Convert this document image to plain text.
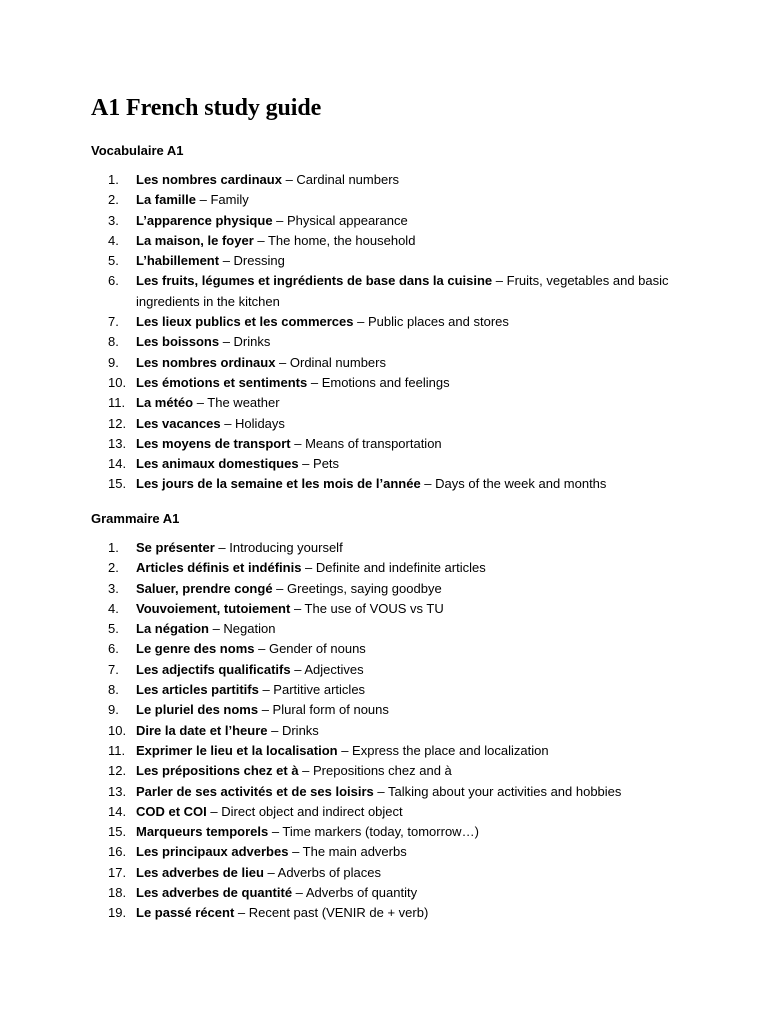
A1 French study guide
Vocabulaire A1
1.	Les nombres cardinaux – Cardinal numbers
2.	La famille – Family
3.	L’apparence physique – Physical appearance
4.	La maison, le foyer – The home, the household
5.	L’habillement – Dressing
6.	Les fruits, légumes et ingrédients de base dans la cuisine – Fruits, vegetables and basic ingredients in the kitchen
7.	Les lieux publics et les commerces – Public places and stores
8.	Les boissons – Drinks
9.	Les nombres ordinaux – Ordinal numbers
10. Les émotions et sentiments – Emotions and feelings
11. La météo – The weather
12. Les vacances – Holidays
13. Les moyens de transport – Means of transportation
14. Les animaux domestiques – Pets
15. Les jours de la semaine et les mois de l’année – Days of the week and months
Grammaire A1
1.	Se présenter – Introducing yourself
2.	Articles définis et indéfinis – Definite and indefinite articles
3.	Saluer, prendre congé – Greetings, saying goodbye
4.	Vouvoiement, tutoiement – The use of VOUS vs TU
5.	La négation – Negation
6.	Le genre des noms – Gender of nouns
7.	Les adjectifs qualificatifs – Adjectives
8.	Les articles partitifs – Partitive articles
9.	Le pluriel des noms – Plural form of nouns
10. Dire la date et l’heure – Drinks
11. Exprimer le lieu et la localisation – Express the place and localization
12. Les prépositions chez et à – Prepositions chez and à
13. Parler de ses activités et de ses loisirs – Talking about your activities and hobbies
14. COD et COI – Direct object and indirect object
15. Marqueurs temporels – Time markers (today, tomorrow…)
16. Les principaux adverbes – The main adverbs
17. Les adverbes de lieu – Adverbs of places
18. Les adverbes de quantité – Adverbs of quantity
19. Le passé récent – Recent past (VENIR de + verb)
